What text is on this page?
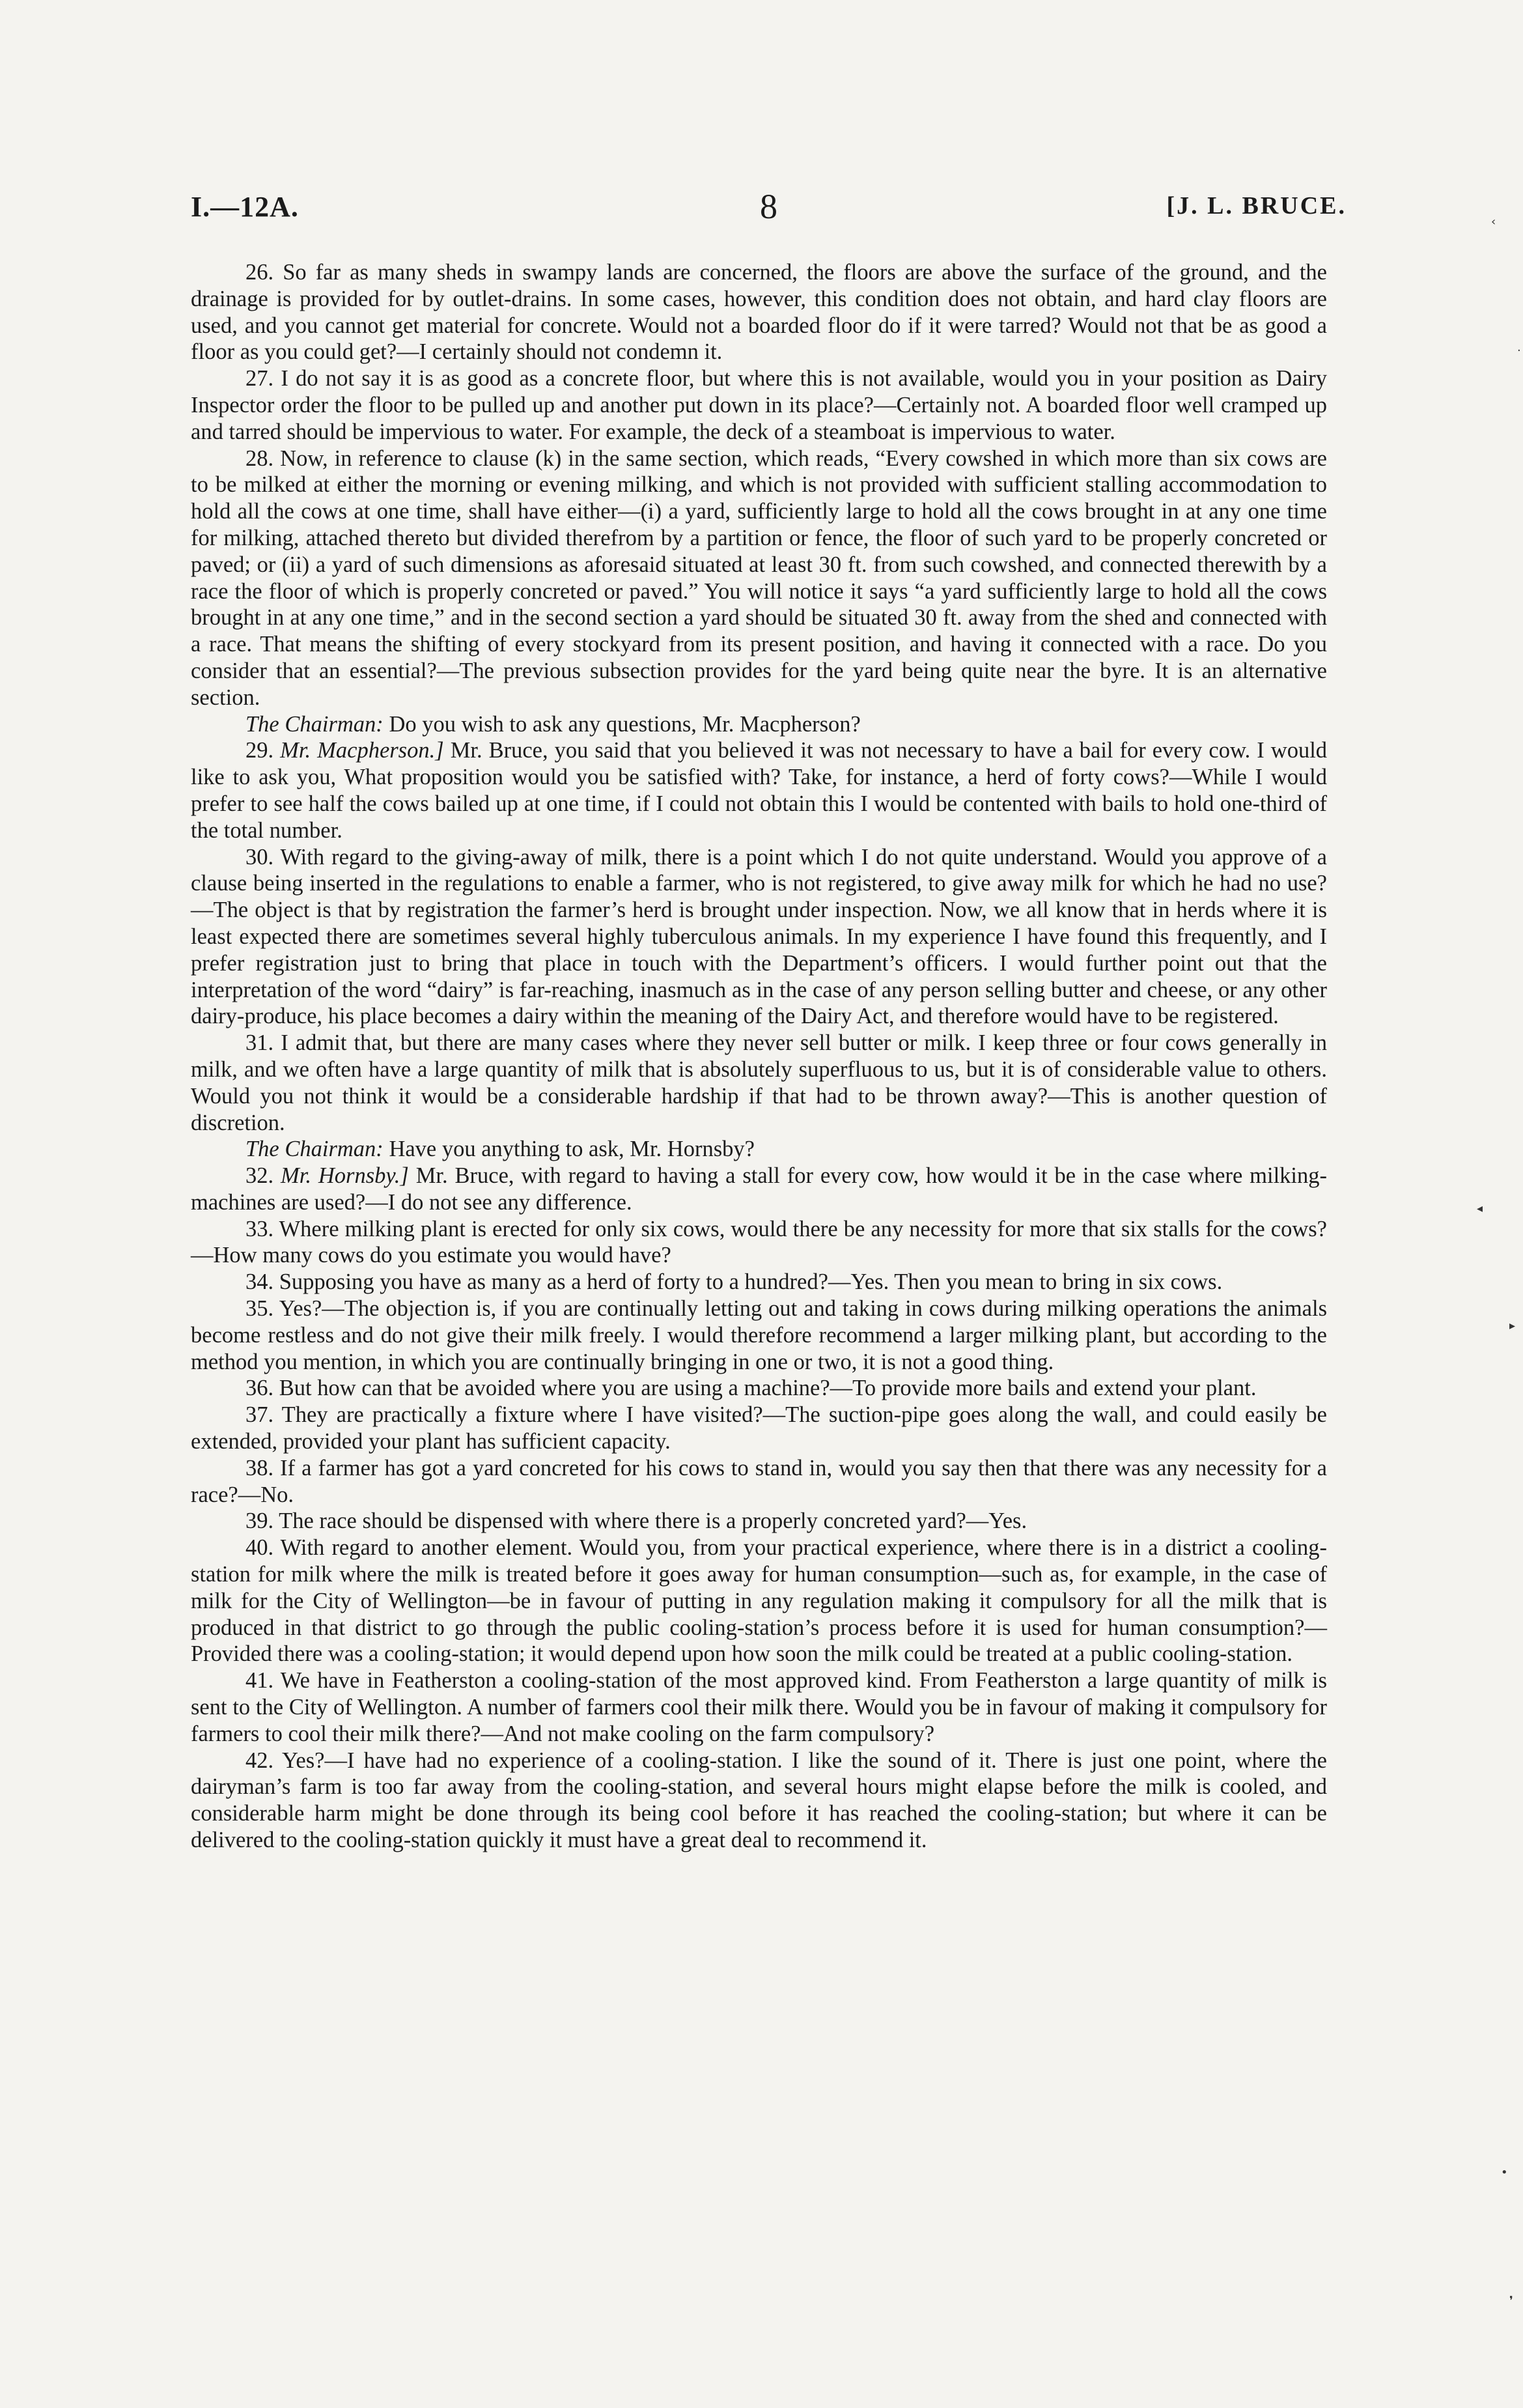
I.—12A.	8	[J. L. BRUCE.

26. So far as many sheds in swampy lands are concerned, the floors are above the surface of the ground, and the drainage is provided for by outlet-drains. In some cases, however, this condition does not obtain, and hard clay floors are used, and you cannot get material for concrete. Would not a boarded floor do if it were tarred? Would not that be as good a floor as you could get?—I certainly should not condemn it.

27. I do not say it is as good as a concrete floor, but where this is not available, would you in your position as Dairy Inspector order the floor to be pulled up and another put down in its place?—Certainly not. A boarded floor well cramped up and tarred should be impervious to water. For example, the deck of a steamboat is impervious to water.

28. Now, in reference to clause (k) in the same section, which reads, “Every cowshed in which more than six cows are to be milked at either the morning or evening milking, and which is not provided with sufficient stalling accommodation to hold all the cows at one time, shall have either—(i) a yard, sufficiently large to hold all the cows brought in at any one time for milking, attached thereto but divided therefrom by a partition or fence, the floor of such yard to be properly concreted or paved; or (ii) a yard of such dimensions as aforesaid situated at least 30 ft. from such cowshed, and connected therewith by a race the floor of which is properly concreted or paved.” You will notice it says “a yard sufficiently large to hold all the cows brought in at any one time,” and in the second section a yard should be situated 30 ft. away from the shed and connected with a race. That means the shifting of every stockyard from its present position, and having it connected with a race. Do you consider that an essential?—The previous subsection provides for the yard being quite near the byre. It is an alternative section.

The Chairman: Do you wish to ask any questions, Mr. Macpherson?

29. Mr. Macpherson.] Mr. Bruce, you said that you believed it was not necessary to have a bail for every cow. I would like to ask you, What proposition would you be satisfied with? Take, for instance, a herd of forty cows?—While I would prefer to see half the cows bailed up at one time, if I could not obtain this I would be contented with bails to hold one-third of the total number.

30. With regard to the giving-away of milk, there is a point which I do not quite understand. Would you approve of a clause being inserted in the regulations to enable a farmer, who is not registered, to give away milk for which he had no use?—The object is that by registration the farmer’s herd is brought under inspection. Now, we all know that in herds where it is least expected there are sometimes several highly tuberculous animals. In my experience I have found this frequently, and I prefer registration just to bring that place in touch with the Department’s officers. I would further point out that the interpretation of the word “dairy” is far-reaching, inasmuch as in the case of any person selling butter and cheese, or any other dairy-produce, his place becomes a dairy within the meaning of the Dairy Act, and therefore would have to be registered.

31. I admit that, but there are many cases where they never sell butter or milk. I keep three or four cows generally in milk, and we often have a large quantity of milk that is absolutely superfluous to us, but it is of considerable value to others. Would you not think it would be a considerable hardship if that had to be thrown away?—This is another question of discretion.

The Chairman: Have you anything to ask, Mr. Hornsby?

32. Mr. Hornsby.] Mr. Bruce, with regard to having a stall for every cow, how would it be in the case where milking-machines are used?—I do not see any difference.

33. Where milking plant is erected for only six cows, would there be any necessity for more that six stalls for the cows?—How many cows do you estimate you would have?

34. Supposing you have as many as a herd of forty to a hundred?—Yes. Then you mean to bring in six cows.

35. Yes?—The objection is, if you are continually letting out and taking in cows during milking operations the animals become restless and do not give their milk freely. I would therefore recommend a larger milking plant, but according to the method you mention, in which you are continually bringing in one or two, it is not a good thing.

36. But how can that be avoided where you are using a machine?—To provide more bails and extend your plant.

37. They are practically a fixture where I have visited?—The suction-pipe goes along the wall, and could easily be extended, provided your plant has sufficient capacity.

38. If a farmer has got a yard concreted for his cows to stand in, would you say then that there was any necessity for a race?—No.

39. The race should be dispensed with where there is a properly concreted yard?—Yes.

40. With regard to another element. Would you, from your practical experience, where there is in a district a cooling-station for milk where the milk is treated before it goes away for human consumption—such as, for example, in the case of milk for the City of Wellington—be in favour of putting in any regulation making it compulsory for all the milk that is produced in that district to go through the public cooling-station’s process before it is used for human consumption?—Provided there was a cooling-station; it would depend upon how soon the milk could be treated at a public cooling-station.

41. We have in Featherston a cooling-station of the most approved kind. From Featherston a large quantity of milk is sent to the City of Wellington. A number of farmers cool their milk there. Would you be in favour of making it compulsory for farmers to cool their milk there?—And not make cooling on the farm compulsory?

42. Yes?—I have had no experience of a cooling-station. I like the sound of it. There is just one point, where the dairyman’s farm is too far away from the cooling-station, and several hours might elapse before the milk is cooled, and considerable harm might be done through its being cool before it has reached the cooling-station; but where it can be delivered to the cooling-station quickly it must have a great deal to recommend it.

‹
·
◂
▸
•
❜
